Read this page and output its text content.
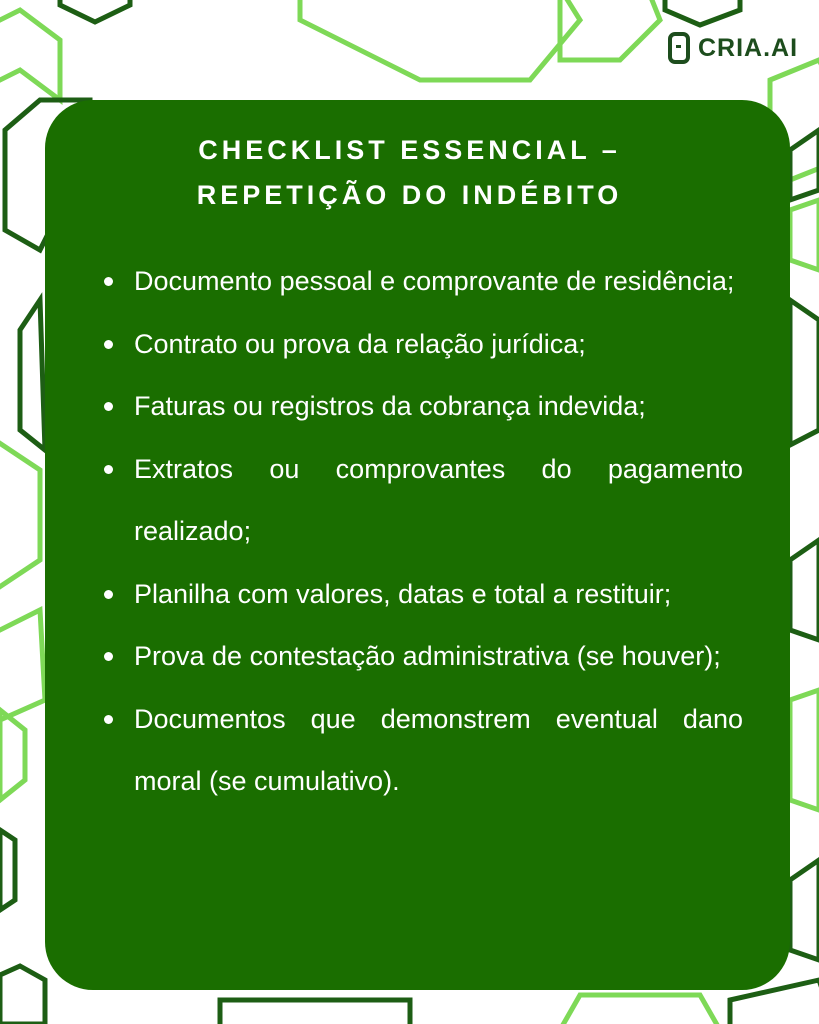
CRIA.AI
CHECKLIST ESSENCIAL –
REPETIÇÃO DO INDÉBITO
Documento pessoal e comprovante de residência;
Contrato ou prova da relação jurídica;
Faturas ou registros da cobrança indevida;
Extratos ou comprovantes do pagamento realizado;
Planilha com valores, datas e total a restituir;
Prova de contestação administrativa (se houver);
Documentos que demonstrem eventual dano moral (se cumulativo).
